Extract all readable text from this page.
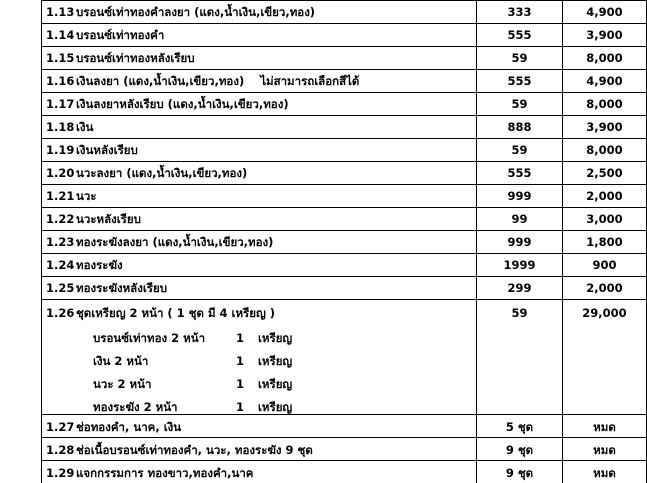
1.13 บรอนซ์เท่าทองคำลงยา (แดง,น้ำเงิน,เขียว,ทอง)	333	4,900
1.14 บรอนซ์เท่าทองคำ	555	3,900
1.15 บรอนซ์เท่าทองหลังเรียบ	59	8,000
1.16 เงินลงยา (แดง,น้ำเงิน,เขียว,ทอง) ไม่สามารถเลือกสีได้	555	4,900
1.17 เงินลงยาหลังเรียบ (แดง,น้ำเงิน,เขียว,ทอง)	59	8,000
1.18 เงิน	888	3,900
1.19 เงินหลังเรียบ	59	8,000
1.20 นวะลงยา (แดง,น้ำเงิน,เขียว,ทอง)	555	2,500
1.21 นวะ	999	2,000
1.22 นวะหลังเรียบ	99	3,000
1.23 ทองระฆังลงยา (แดง,น้ำเงิน,เขียว,ทอง)	999	1,800
1.24 ทองระฆัง	1999	900
1.25 ทองระฆังหลังเรียบ	299	2,000
1.26 ชุดเหรียญ 2 หน้า ( 1 ชุด มี 4 เหรียญ )	59	29,000
บรอนซ์เท่าทอง 2 หน้า	1 เหรียญ
เงิน 2 หน้า	1 เหรียญ
นวะ 2 หน้า	1 เหรียญ
ทองระฆัง 2 หน้า	1 เหรียญ
1.27 ช่อทองคำ, นาค, เงิน	5 ชุด	หมด
1.28 ช่อเนื้อบรอนซ์เท่าทองคำ, นวะ, ทองระฆัง 9 ชุด	9 ชุด	หมด
1.29 แจกกรรมการ ทองขาว,ทองคำ,นาค	9 ชุด	หมด
